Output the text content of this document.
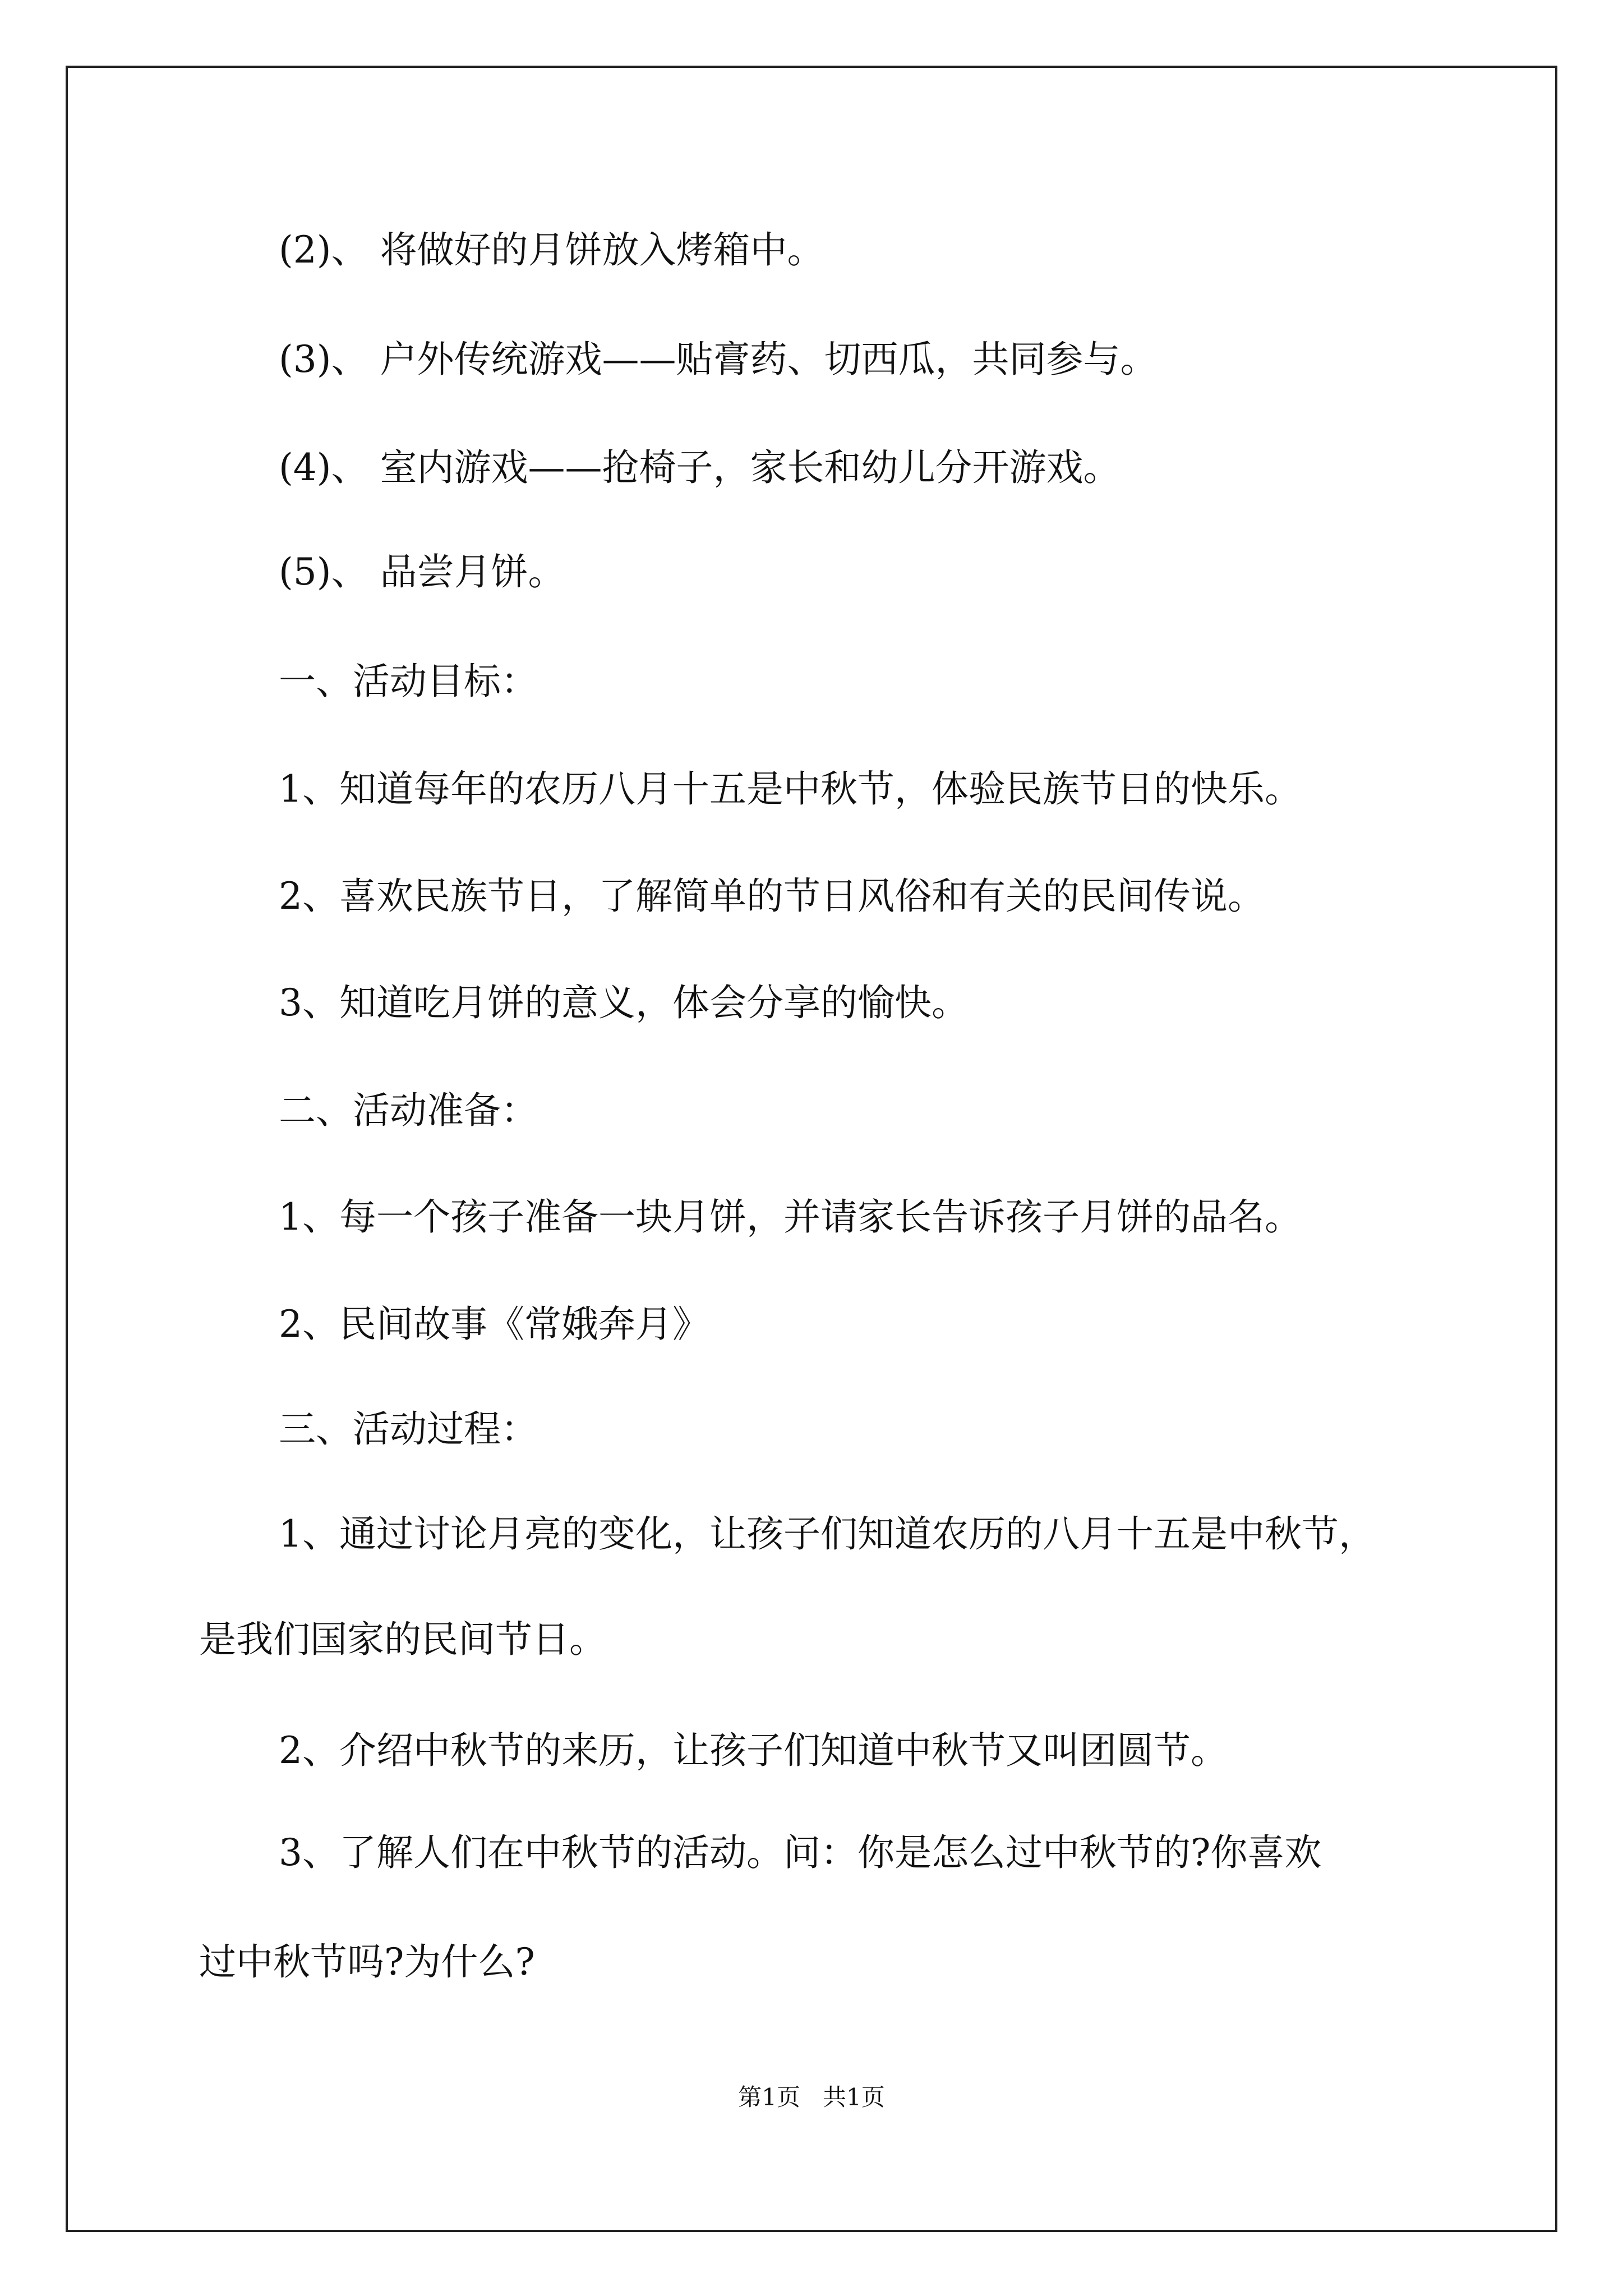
(2)、 将做好的月饼放入烤箱中。

(3)、 户外传统游戏——贴膏药、切西瓜，共同参与。

(4)、 室内游戏——抢椅子，家长和幼儿分开游戏。

(5)、 品尝月饼。

一、活动目标：

1、知道每年的农历八月十五是中秋节，体验民族节日的快乐。

2、喜欢民族节日，了解简单的节日风俗和有关的民间传说。

3、知道吃月饼的意义，体会分享的愉快。

二、活动准备：

1、每一个孩子准备一块月饼，并请家长告诉孩子月饼的品名。

2、民间故事《常娥奔月》

三、活动过程：

1、通过讨论月亮的变化，让孩子们知道农历的八月十五是中秋节，

是我们国家的民间节日。

2、介绍中秋节的来历，让孩子们知道中秋节又叫团圆节。

3、了解人们在中秋节的活动。问：你是怎么过中秋节的?你喜欢

过中秋节吗?为什么?

第1页   共1页
